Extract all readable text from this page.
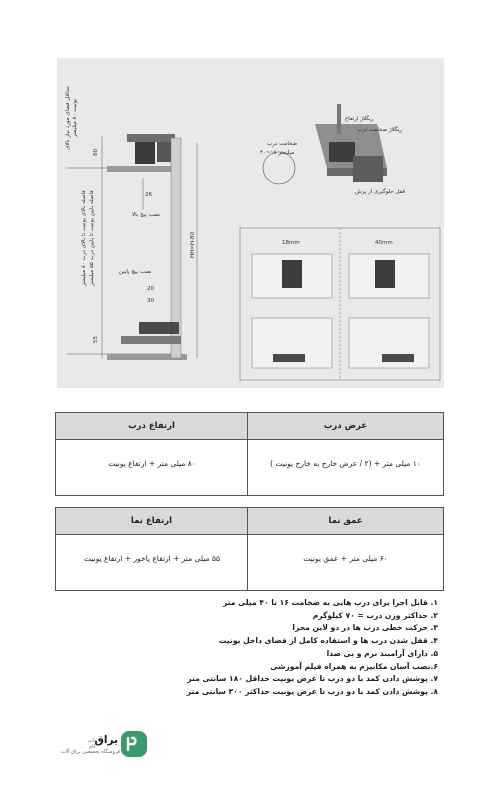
حداقل فضای مورد نیاز بالای یونیت ۸۰ میلیمتر
فاصله بالای یونیت تا بالای درب ۸۰ میلیمتر
فاصله پایین یونیت تا پایین درب ۵۵ میلیمتر
80
55
HH=H-80
26
نصب پیچ بالا
نصب پیچ پایین
20
30
ریگلاژ ارتفاع
ریگلاژ ضخامت درب
ضخامت درب
۴۰~۱۸ میلیمتر
قفل جلوگیری از پرش
18mm	40mm
عرض درب
ارتفاع درب
۱۰ میلی متر + (۲ / عرض خارج به خارج یونیت )
۸۰ میلی متر + ارتفاع یونیت
عمق نما
ارتفاع نما
۶۰ میلی متر + عمق یونیت
۵۵ میلی متر + ارتفاع پاخور + ارتفاع یونیت
۱. قابل اجرا برای درب هایی به ضخامت ۱۶ تا ۴۰ میلی متر
۲. حداکثر وزن درب = ۷۰ کیلوگرم
۳. حرکت خطی درب ها در دو لاین مجزا
۴. قفل شدن درب ها و استفاده کامل از فضای داخل یونیت
۵. دارای آرامبند نرم و بی صدا
۶.نصب آسان مکانیزم به همراه فیلم آموزشی
۷. پوشش دادن کمد با دو درب تا عرض یونیت حداقل ۱۸۰ سانتی متر
۸. پوشش دادن کمد با دو درب تا عرض یونیت حداکثر ۳۰۰ سانتی متر
یراق
دات کام
فروشگاه تخصصی یراق آلات
